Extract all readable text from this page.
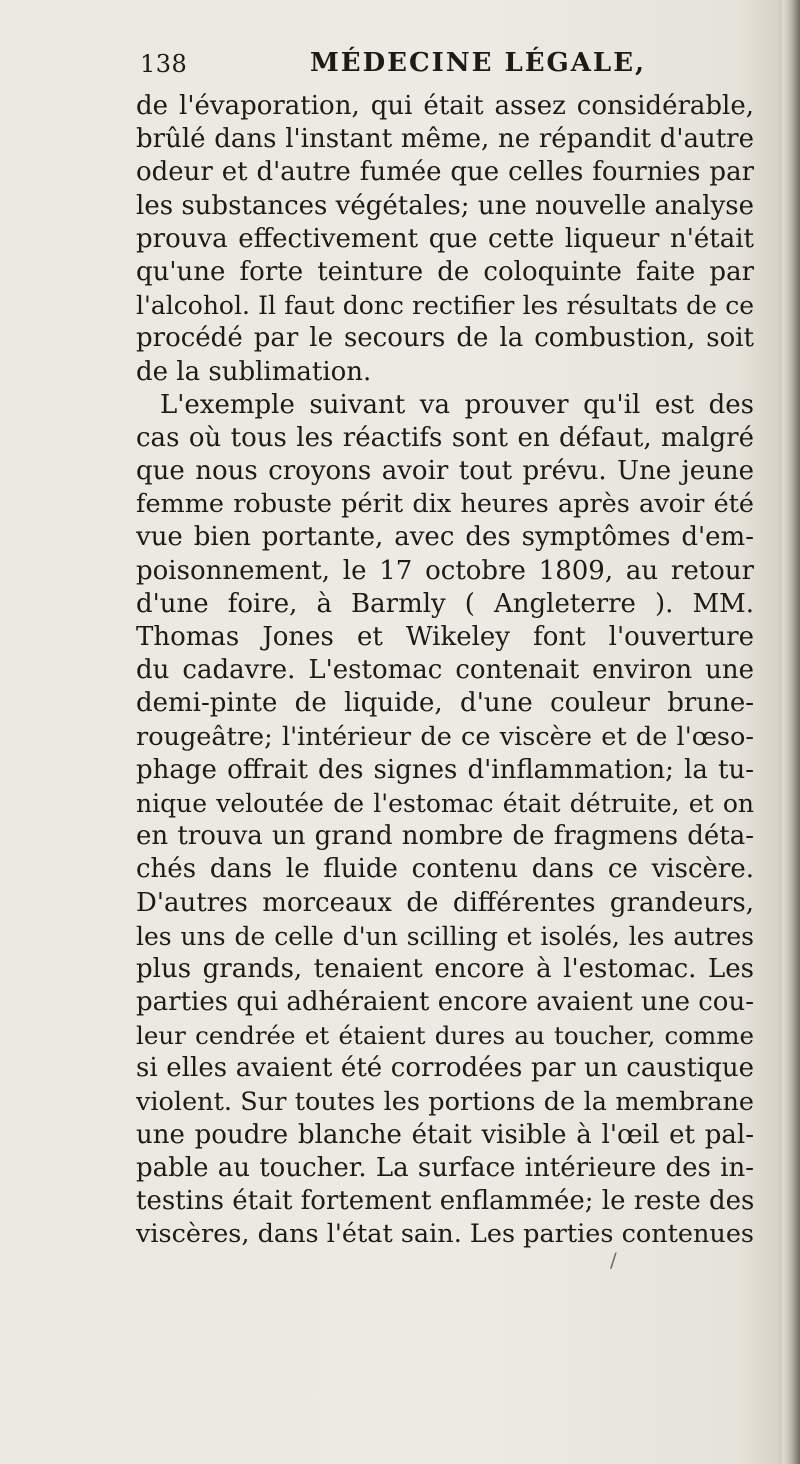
138	MÉDECINE LÉGALE,
de l'évaporation, qui était assez considérable,
brûlé dans l'instant même, ne répandit d'autre
odeur et d'autre fumée que celles fournies par
les substances végétales; une nouvelle analyse
prouva effectivement que cette liqueur n'était
qu'une forte teinture de coloquinte faite par
l'alcohol. Il faut donc rectifier les résultats de ce
procédé par le secours de la combustion, soit
de la sublimation.
L'exemple suivant va prouver qu'il est des
cas où tous les réactifs sont en défaut, malgré
que nous croyons avoir tout prévu. Une jeune
femme robuste périt dix heures après avoir été
vue bien portante, avec des symptômes d'em-
poisonnement, le 17 octobre 1809, au retour
d'une foire, à Barmly ( Angleterre ). MM.
Thomas Jones et Wikeley font l'ouverture
du cadavre. L'estomac contenait environ une
demi-pinte de liquide, d'une couleur brune-
rougeâtre; l'intérieur de ce viscère et de l'œso-
phage offrait des signes d'inflammation; la tu-
nique veloutée de l'estomac était détruite, et on
en trouva un grand nombre de fragmens déta-
chés dans le fluide contenu dans ce viscère.
D'autres morceaux de différentes grandeurs,
les uns de celle d'un scilling et isolés, les autres
plus grands, tenaient encore à l'estomac. Les
parties qui adhéraient encore avaient une cou-
leur cendrée et étaient dures au toucher, comme
si elles avaient été corrodées par un caustique
violent. Sur toutes les portions de la membrane
une poudre blanche était visible à l'œil et pal-
pable au toucher. La surface intérieure des in-
testins était fortement enflammée; le reste des
viscères, dans l'état sain. Les parties contenues
/
